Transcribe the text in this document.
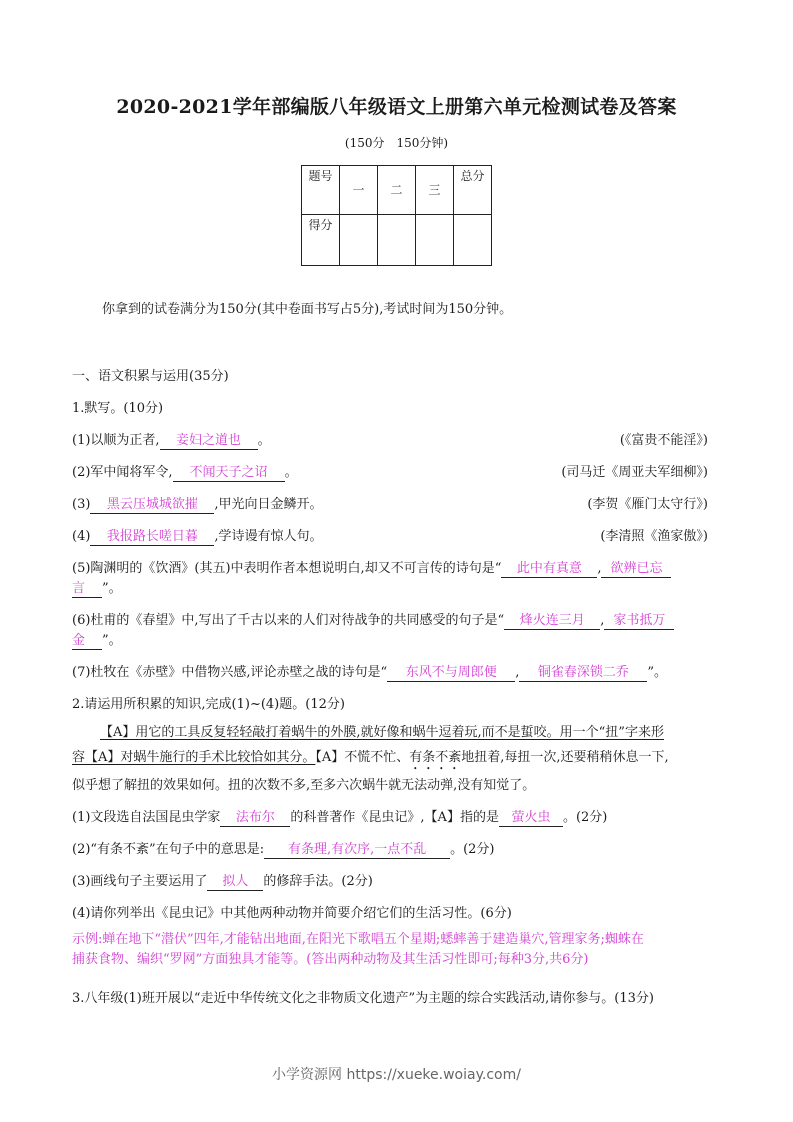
2020-2021学年部编版八年级语文上册第六单元检测试卷及答案
(150分　150分钟)
题号	一	二	三	总分
得分				
你拿到的试卷满分为150分(其中卷面书写占5分),考试时间为150分钟。
一、语文积累与运用(35分)
1.默写。(10分)
(1)以顺为正者, 妾妇之道也 。	(《富贵不能淫》)
(2)军中闻将军令, 不闻天子之诏 。	(司马迁《周亚夫军细柳》)
(3) 黑云压城城欲摧 ,甲光向日金鳞开。	(李贺《雁门太守行》)
(4) 我报路长嗟日暮 ,学诗谩有惊人句。	(李清照《渔家傲》)
(5)陶渊明的《饮酒》(其五)中表明作者本想说明白,却又不可言传的诗句是“ 此中有真意 , 欲辨已忘
言 ”。
(6)杜甫的《春望》中,写出了千古以来的人们对待战争的共同感受的句子是“ 烽火连三月 , 家书抵万
金 ”。
(7)杜牧在《赤壁》中借物兴感,评论赤壁之战的诗句是“ 东风不与周郎便 , 铜雀春深锁二乔 ”。
2.请运用所积累的知识,完成(1)~(4)题。(12分)
【A】用它的工具反复轻轻敲打着蜗牛的外膜,就好像和蜗牛逗着玩,而不是蜇咬。用一个“扭”字来形
容【A】对蜗牛施行的手术比较恰如其分。【A】不慌不忙、有条不紊地扭着,每扭一次,还要稍稍休息一下,
似乎想了解扭的效果如何。扭的次数不多,至多六次蜗牛就无法动弹,没有知觉了。
(1)文段选自法国昆虫学家 法布尔 的科普著作《昆虫记》,【A】指的是 萤火虫 。(2分)
(2)“有条不紊”在句子中的意思是: 有条理,有次序,一点不乱 。(2分)
(3)画线句子主要运用了 拟人 的修辞手法。(2分)
(4)请你列举出《昆虫记》中其他两种动物并简要介绍它们的生活习性。(6分)
示例:蝉在地下“潜伏”四年,才能钻出地面,在阳光下歌唱五个星期;蟋蟀善于建造巢穴,管理家务;蜘蛛在
捕获食物、编织“罗网”方面独具才能等。(答出两种动物及其生活习性即可;每种3分,共6分)
3.八年级(1)班开展以“走近中华传统文化之非物质文化遗产”为主题的综合实践活动,请你参与。(13分)
小学资源网 https://xueke.woiay.com/
